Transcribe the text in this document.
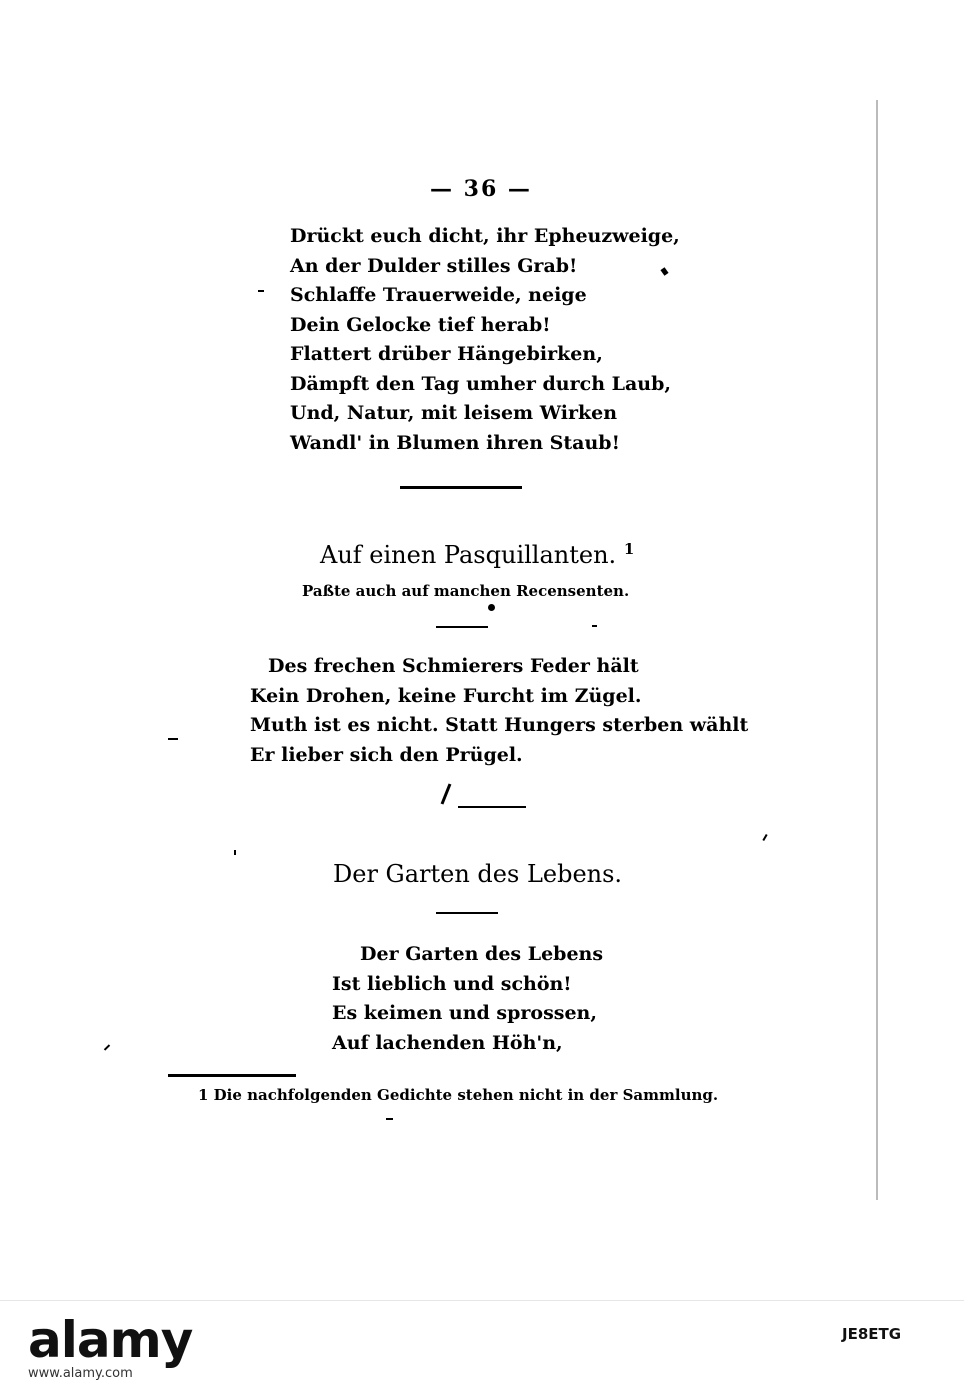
— 36 —
Drückt euch dicht, ihr Epheuzweige,
An der Dulder stilles Grab!
Schlaffe Trauerweide, neige
Dein Gelocke tief herab!
Flattert drüber Hängebirken,
Dämpft den Tag umher durch Laub,
Und, Natur, mit leisem Wirken
Wandl' in Blumen ihren Staub!
Auf einen Pasquillanten. $^1$
Paßte auch auf manchen Recensenten.
Des frechen Schmierers Feder hält
Kein Drohen, keine Furcht im Zügel.
Muth ist es nicht. Statt Hungers sterben wählt
Er lieber sich den Prügel.
Der Garten des Lebens.
Der Garten des Lebens
Ist lieblich und schön!
Es keimen und sprossen,
Auf lachenden Höh'n,
1 Die nachfolgenden Gedichte stehen nicht in der Sammlung.
alamy
www.alamy.com
JE8ETG
